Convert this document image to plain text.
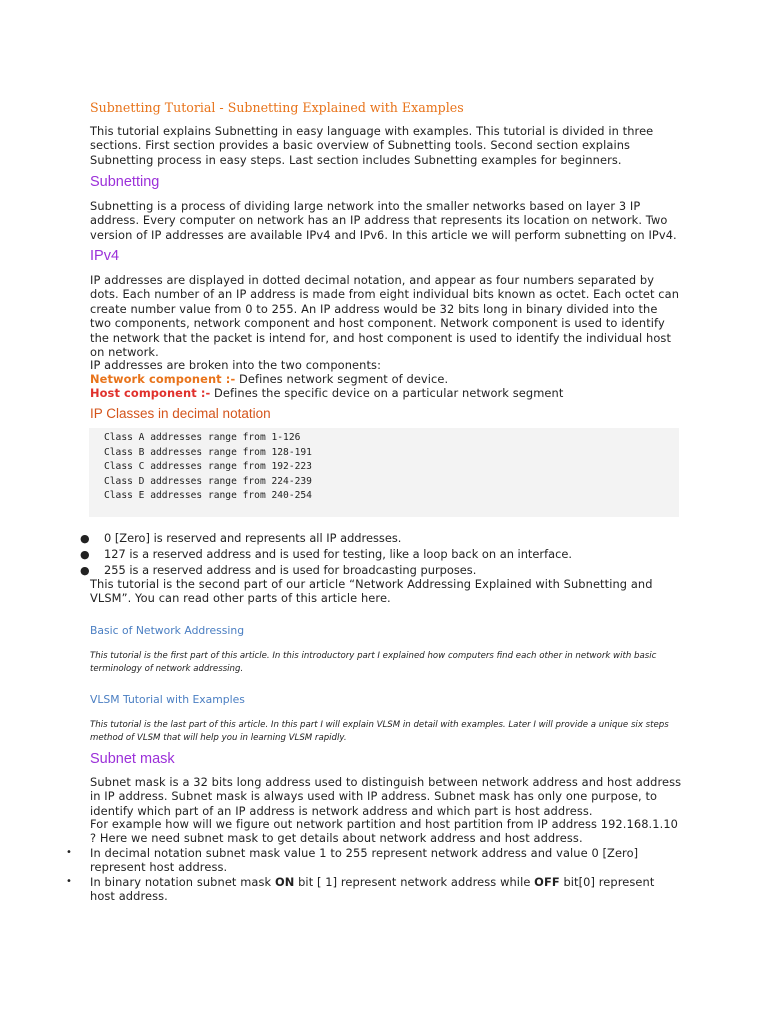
Subnetting Tutorial - Subnetting Explained with Examples

This tutorial explains Subnetting in easy language with examples. This tutorial is divided in three sections. First section provides a basic overview of Subnetting tools. Second section explains Subnetting process in easy steps. Last section includes Subnetting examples for beginners.

Subnetting

Subnetting is a process of dividing large network into the smaller networks based on layer 3 IP address. Every computer on network has an IP address that represents its location on network. Two version of IP addresses are available IPv4 and IPv6. In this article we will perform subnetting on IPv4.

IPv4

IP addresses are displayed in dotted decimal notation, and appear as four numbers separated by dots. Each number of an IP address is made from eight individual bits known as octet. Each octet can create number value from 0 to 255. An IP address would be 32 bits long in binary divided into the two components, network component and host component. Network component is used to identify the network that the packet is intend for, and host component is used to identify the individual host on network.

IP addresses are broken into the two components:

Network component :- Defines network segment of device.

Host component :- Defines the specific device on a particular network segment

IP Classes in decimal notation

Class A addresses range from 1-126
Class B addresses range from 128-191
Class C addresses range from 192-223
Class D addresses range from 224-239
Class E addresses range from 240-254
● 0 [Zero] is reserved and represents all IP addresses.
● 127 is a reserved address and is used for testing, like a loop back on an interface.
● 255 is a reserved address and is used for broadcasting purposes.

This tutorial is the second part of our article “Network Addressing Explained with Subnetting and VLSM”. You can read other parts of this article here.

Basic of Network Addressing

This tutorial is the first part of this article. In this introductory part I explained how computers find each other in network with basic terminology of network addressing.

VLSM Tutorial with Examples

This tutorial is the last part of this article. In this part I will explain VLSM in detail with examples. Later I will provide a unique six steps method of VLSM that will help you in learning VLSM rapidly.

Subnet mask

Subnet mask is a 32 bits long address used to distinguish between network address and host address in IP address. Subnet mask is always used with IP address. Subnet mask has only one purpose, to identify which part of an IP address is network address and which part is host address.

For example how will we figure out network partition and host partition from IP address 192.168.1.10 ? Here we need subnet mask to get details about network address and host address.

• In decimal notation subnet mask value 1 to 255 represent network address and value 0 [Zero] represent host address.

• In binary notation subnet mask ON bit [ 1] represent network address while OFF bit[0] represent host address.
